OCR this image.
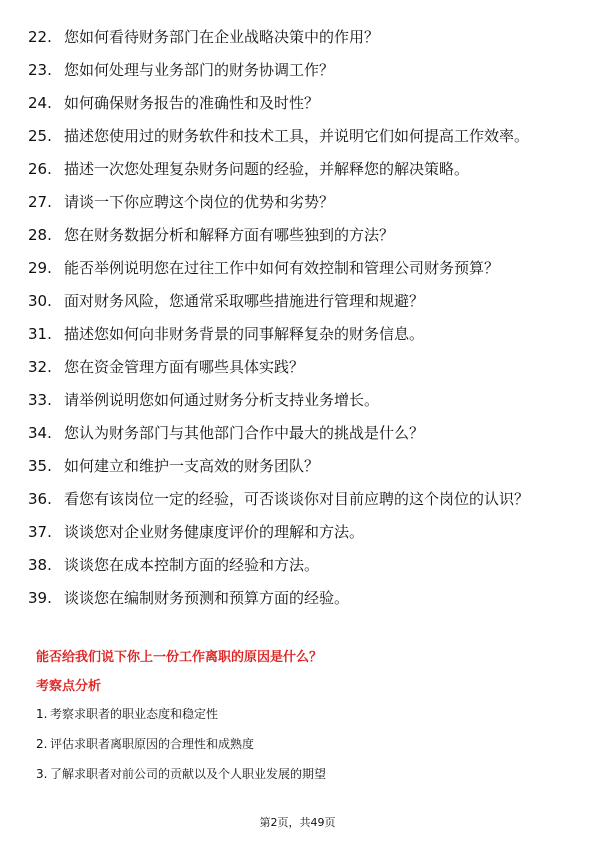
22. 您如何看待财务部门在企业战略决策中的作用？
23. 您如何处理与业务部门的财务协调工作？
24. 如何确保财务报告的准确性和及时性？
25. 描述您使用过的财务软件和技术工具，并说明它们如何提高工作效率。
26. 描述一次您处理复杂财务问题的经验，并解释您的解决策略。
27. 请谈一下你应聘这个岗位的优势和劣势？
28. 您在财务数据分析和解释方面有哪些独到的方法？
29. 能否举例说明您在过往工作中如何有效控制和管理公司财务预算？
30. 面对财务风险，您通常采取哪些措施进行管理和规避？
31. 描述您如何向非财务背景的同事解释复杂的财务信息。
32. 您在资金管理方面有哪些具体实践？
33. 请举例说明您如何通过财务分析支持业务增长。
34. 您认为财务部门与其他部门合作中最大的挑战是什么？
35. 如何建立和维护一支高效的财务团队？
36. 看您有该岗位一定的经验，可否谈谈你对目前应聘的这个岗位的认识？
37. 谈谈您对企业财务健康度评价的理解和方法。
38. 谈谈您在成本控制方面的经验和方法。
39. 谈谈您在编制财务预测和预算方面的经验。
能否给我们说下你上一份工作离职的原因是什么？
考察点分析
1. 考察求职者的职业态度和稳定性
2. 评估求职者离职原因的合理性和成熟度
3. 了解求职者对前公司的贡献以及个人职业发展的期望
第2页，共49页
